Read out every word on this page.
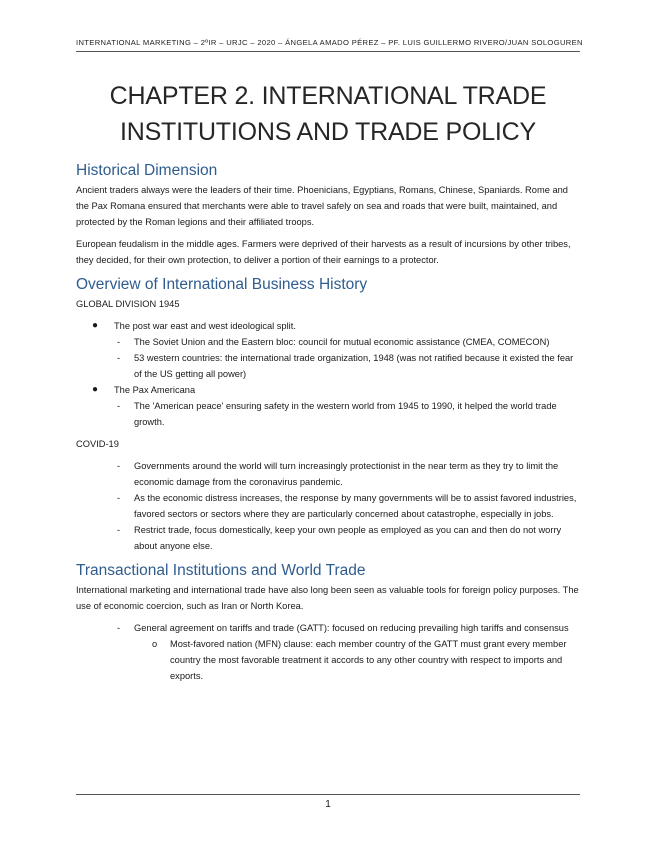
INTERNATIONAL MARKETING – 2ºIR – URJC – 2020 – ÁNGELA AMADO PÉREZ – PF. LUIS GUILLERMO RIVERO/JUAN SOLOGUREN
CHAPTER 2. INTERNATIONAL TRADE
INSTITUTIONS AND TRADE POLICY
Historical Dimension

Ancient traders always were the leaders of their time. Phoenicians, Egyptians, Romans, Chinese, Spaniards. Rome and the Pax Romana ensured that merchants were able to travel safely on sea and roads that were built, maintained, and protected by the Roman legions and their affiliated troops.

European feudalism in the middle ages. Farmers were deprived of their harvests as a result of incursions by other tribes, they decided, for their own protection, to deliver a portion of their earnings to a protector.

Overview of International Business History
GLOBAL DIVISION 1945
● The post war east and west ideological split.
- The Soviet Union and the Eastern bloc: council for mutual economic assistance (CMEA, COMECON)
- 53 western countries: the international trade organization, 1948 (was not ratified because it existed the fear of the US getting all power)
● The Pax Americana
- The 'American peace' ensuring safety in the western world from 1945 to 1990, it helped the world trade growth.
COVID-19
- Governments around the world will turn increasingly protectionist in the near term as they try to limit the economic damage from the coronavirus pandemic.
- As the economic distress increases, the response by many governments will be to assist favored industries, favored sectors or sectors where they are particularly concerned about catastrophe, especially in jobs.
- Restrict trade, focus domestically, keep your own people as employed as you can and then do not worry about anyone else.
Transactional Institutions and World Trade

International marketing and international trade have also long been seen as valuable tools for foreign policy purposes. The use of economic coercion, such as Iran or North Korea.

- General agreement on tariffs and trade (GATT): focused on reducing prevailing high tariffs and consensus
o Most-favored nation (MFN) clause: each member country of the GATT must grant every member country the most favorable treatment it accords to any other country with respect to imports and exports.
1
